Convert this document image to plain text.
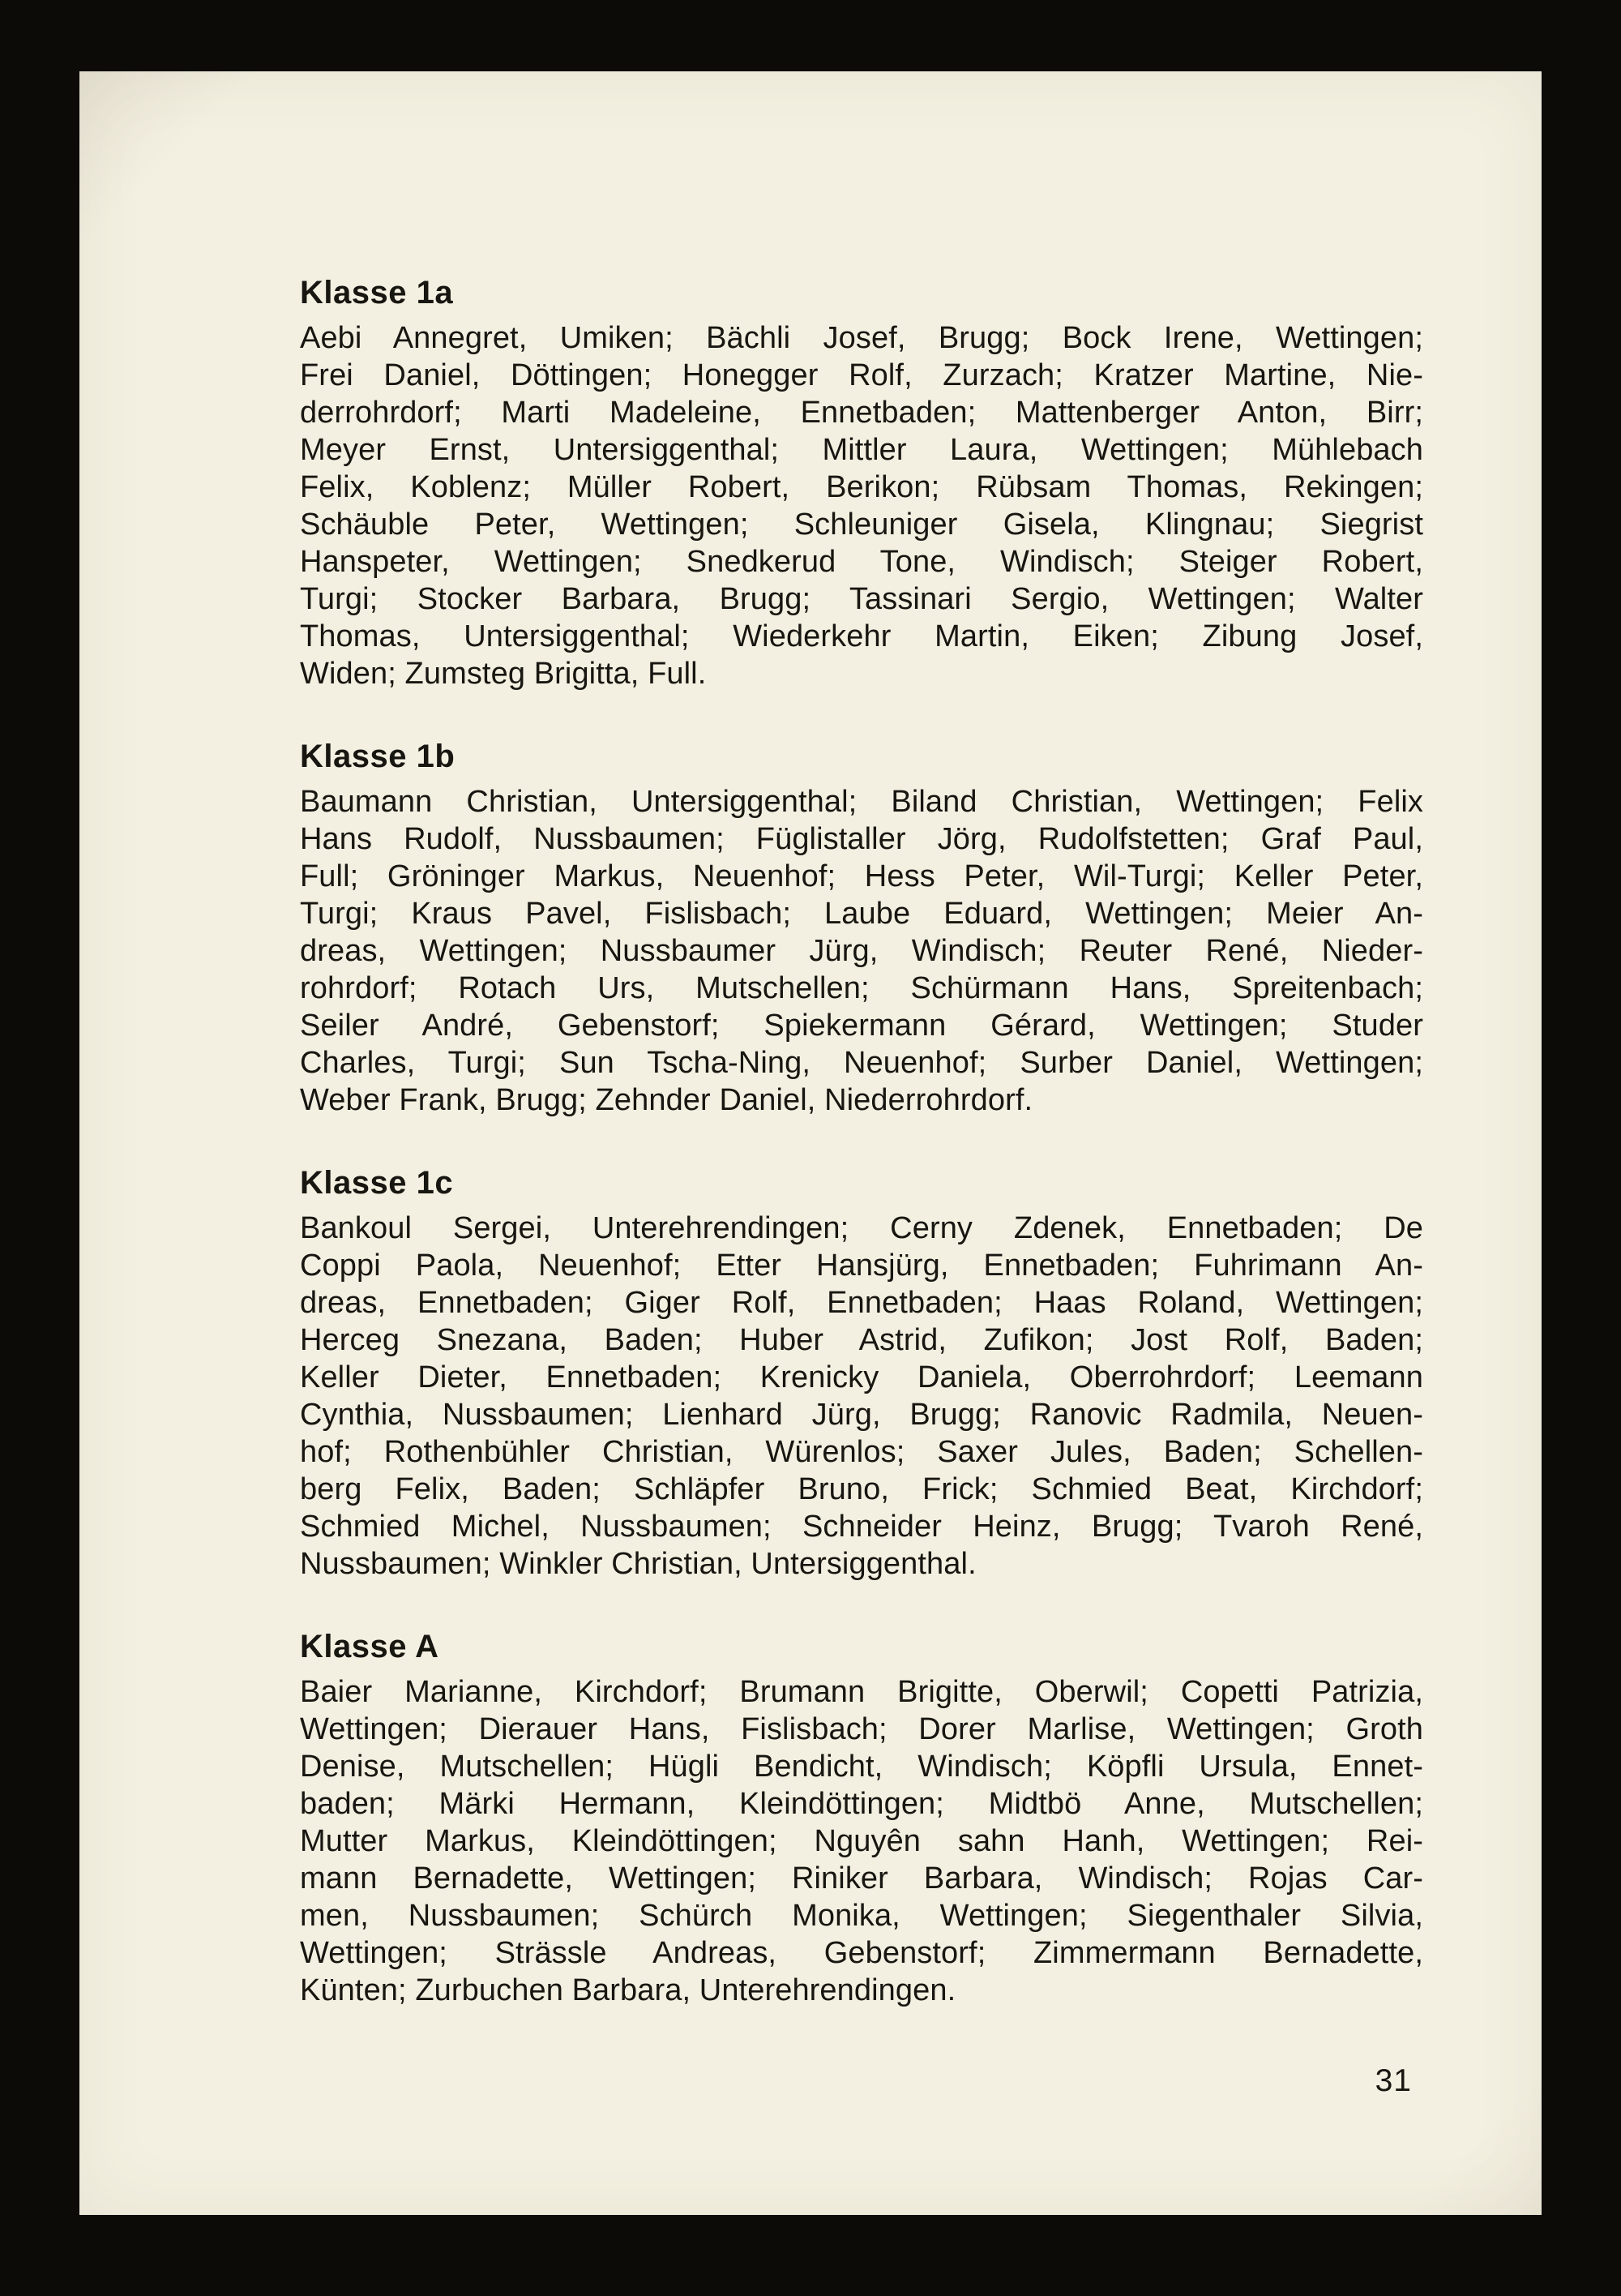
Klasse 1a
Aebi Annegret, Umiken; Bächli Josef, Brugg; Bock Irene, Wettingen;
Frei Daniel, Döttingen; Honegger Rolf, Zurzach; Kratzer Martine, Nie-
derrohrdorf; Marti Madeleine, Ennetbaden; Mattenberger Anton, Birr;
Meyer Ernst, Untersiggenthal; Mittler Laura, Wettingen; Mühlebach
Felix, Koblenz; Müller Robert, Berikon; Rübsam Thomas, Rekingen;
Schäuble Peter, Wettingen; Schleuniger Gisela, Klingnau; Siegrist
Hanspeter, Wettingen; Snedkerud Tone, Windisch; Steiger Robert,
Turgi; Stocker Barbara, Brugg; Tassinari Sergio, Wettingen; Walter
Thomas, Untersiggenthal; Wiederkehr Martin, Eiken; Zibung Josef,
Widen; Zumsteg Brigitta, Full.
Klasse 1b
Baumann Christian, Untersiggenthal; Biland Christian, Wettingen; Felix
Hans Rudolf, Nussbaumen; Füglistaller Jörg, Rudolfstetten; Graf Paul,
Full; Gröninger Markus, Neuenhof; Hess Peter, Wil-Turgi; Keller Peter,
Turgi; Kraus Pavel, Fislisbach; Laube Eduard, Wettingen; Meier An-
dreas, Wettingen; Nussbaumer Jürg, Windisch; Reuter René, Nieder-
rohrdorf; Rotach Urs, Mutschellen; Schürmann Hans, Spreitenbach;
Seiler André, Gebenstorf; Spiekermann Gérard, Wettingen; Studer
Charles, Turgi; Sun Tscha-Ning, Neuenhof; Surber Daniel, Wettingen;
Weber Frank, Brugg; Zehnder Daniel, Niederrohrdorf.
Klasse 1c
Bankoul Sergei, Unterehrendingen; Cerny Zdenek, Ennetbaden; De
Coppi Paola, Neuenhof; Etter Hansjürg, Ennetbaden; Fuhrimann An-
dreas, Ennetbaden; Giger Rolf, Ennetbaden; Haas Roland, Wettingen;
Herceg Snezana, Baden; Huber Astrid, Zufikon; Jost Rolf, Baden;
Keller Dieter, Ennetbaden; Krenicky Daniela, Oberrohrdorf; Leemann
Cynthia, Nussbaumen; Lienhard Jürg, Brugg; Ranovic Radmila, Neuen-
hof; Rothenbühler Christian, Würenlos; Saxer Jules, Baden; Schellen-
berg Felix, Baden; Schläpfer Bruno, Frick; Schmied Beat, Kirchdorf;
Schmied Michel, Nussbaumen; Schneider Heinz, Brugg; Tvaroh René,
Nussbaumen; Winkler Christian, Untersiggenthal.
Klasse A
Baier Marianne, Kirchdorf; Brumann Brigitte, Oberwil; Copetti Patrizia,
Wettingen; Dierauer Hans, Fislisbach; Dorer Marlise, Wettingen; Groth
Denise, Mutschellen; Hügli Bendicht, Windisch; Köpfli Ursula, Ennet-
baden; Märki Hermann, Kleindöttingen; Midtbö Anne, Mutschellen;
Mutter Markus, Kleindöttingen; Nguyên sahn Hanh, Wettingen; Rei-
mann Bernadette, Wettingen; Riniker Barbara, Windisch; Rojas Car-
men, Nussbaumen; Schürch Monika, Wettingen; Siegenthaler Silvia,
Wettingen; Strässle Andreas, Gebenstorf; Zimmermann Bernadette,
Künten; Zurbuchen Barbara, Unterehrendingen.
31
